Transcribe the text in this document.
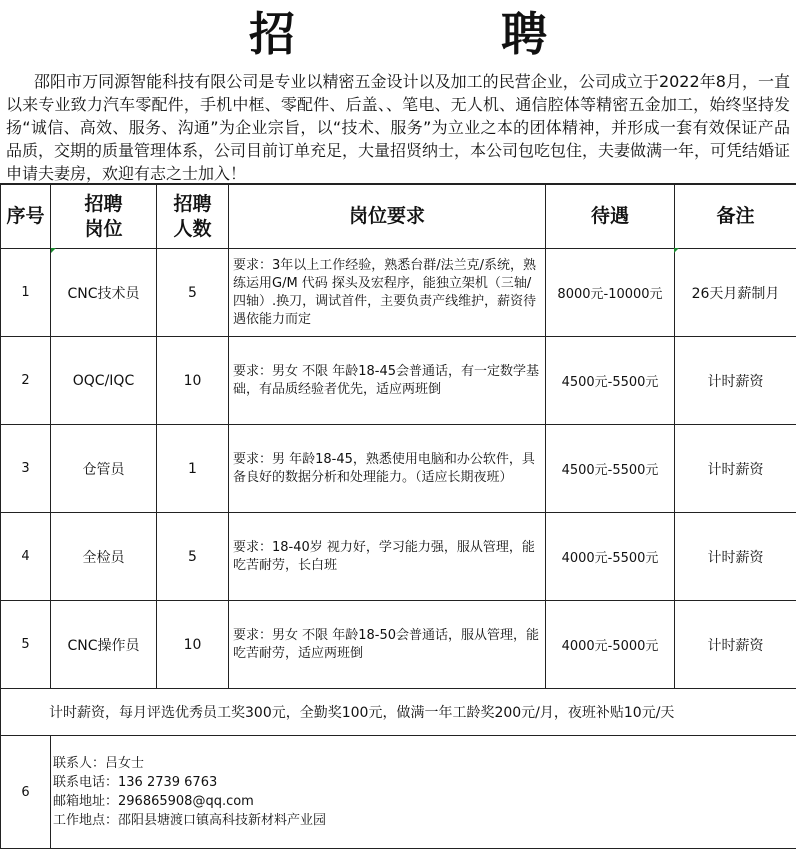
招　聘
邵阳市万同源智能科技有限公司是专业以精密五金设计以及加工的民营企业，公司成立于2022年8月，一直以来专业致力汽车零配件，手机中框、零配件、后盖、、笔电、无人机、通信腔体等精密五金加工，始终坚持发扬“诚信、高效、服务、沟通”为企业宗旨，以“技术、服务”为立业之本的团体精神，并形成一套有效保证产品品质，交期的质量管理体系，公司目前订单充足，大量招贤纳士，本公司包吃包住，夫妻做满一年，可凭结婚证申请夫妻房，欢迎有志之士加入！
序号	招聘岗位	招聘人数	岗位要求	待遇	备注
1	CNC技术员	5	要求：3年以上工作经验，熟悉台群/法兰克/系统，熟练运用G/M 代码 探头及宏程序，能独立架机（三轴/四轴）.换刀，调试首件，主要负责产线维护，薪资待遇依能力而定	8000元-10000元	26天月薪制月
2	OQC/IQC	10	要求：男女 不限 年龄18-45会普通话，有一定数学基础，有品质经验者优先，适应两班倒	4500元-5500元	计时薪资
3	仓管员	1	要求：男 年龄18-45，熟悉使用电脑和办公软件，具备良好的数据分析和处理能力。（适应长期夜班）	4500元-5500元	计时薪资
4	全检员	5	要求：18-40岁 视力好，学习能力强，服从管理，能吃苦耐劳，长白班	4000元-5500元	计时薪资
5	CNC操作员	10	要求：男女 不限 年龄18-50会普通话，服从管理，能吃苦耐劳，适应两班倒	4000元-5000元	计时薪资
计时薪资，每月评选优秀员工奖300元，全勤奖100元，做满一年工龄奖200元/月，夜班补贴10元/天					
6	联系人：吕女士
联系电话：136 2739 6763
邮箱地址：296865908@qq.com
工作地点：邵阳县塘渡口镇高科技新材料产业园				
